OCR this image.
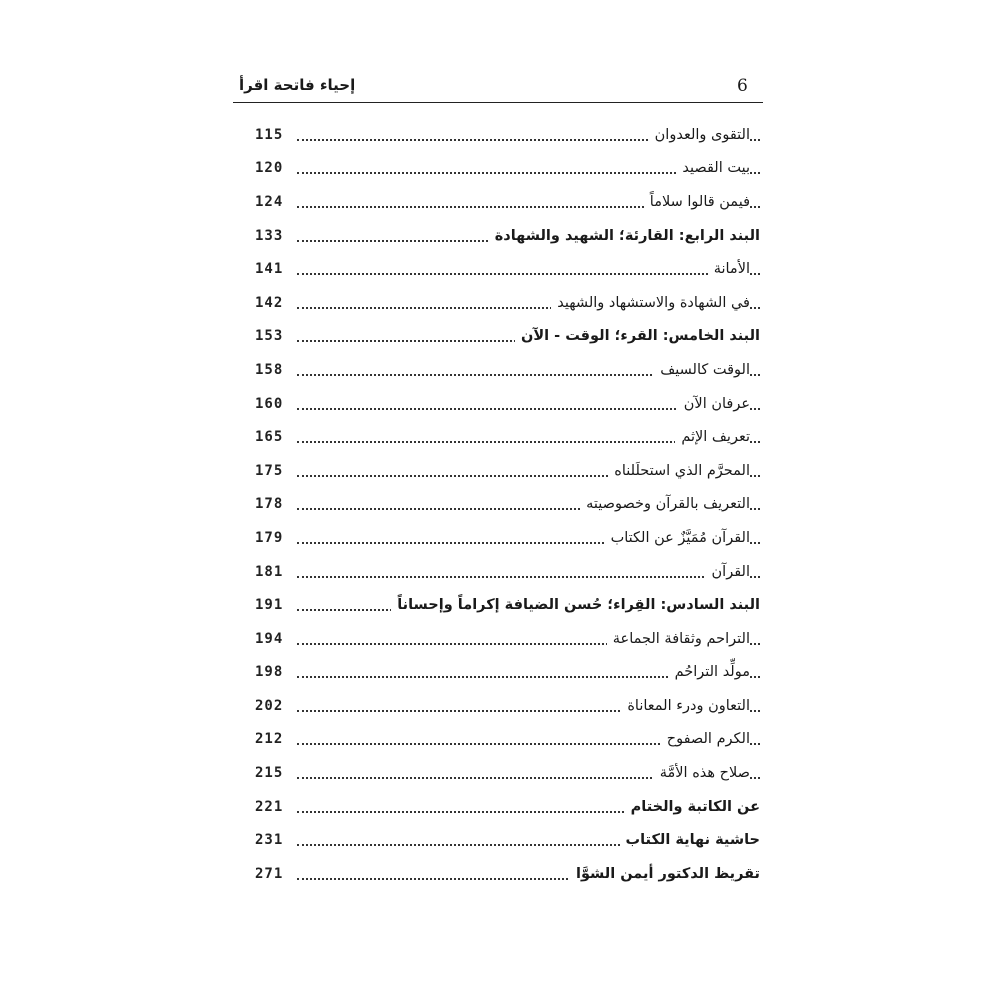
6
إحياء فاتحة اقرأ
115	التقوى والعدوان
120	بيت القصيد
124	فيمن قالوا سلاماً
133	البند الرابع: القارئة؛ الشهيد والشهادة
141	الأمانة
142	في الشهادة والاستشهاد والشهيد
153	البند الخامس: القرء؛ الوقت - الآن
158	الوقت كالسيف
160	عرفان الآن
165	تعريف الإثم
175	المحرَّم الذي استحلَلناه
178	التعريف بالقرآن وخصوصيته
179	القرآن مُمَيَّزٌ عن الكتاب
181	القرآن
191	البند السادس: القِراء؛ حُسن الضيافة إكراماً وإحساناً
194	التراحم وثقافة الجماعة
198	مولِّد التراحُم
202	التعاون ودرء المعاناة
212	الكرم الصفوح
215	صلاح هذه الأمَّة
221	عن الكاتبة والختام
231	حاشية نهاية الكتاب
271	تقريظ الدكتور أيمن الشوَّا
